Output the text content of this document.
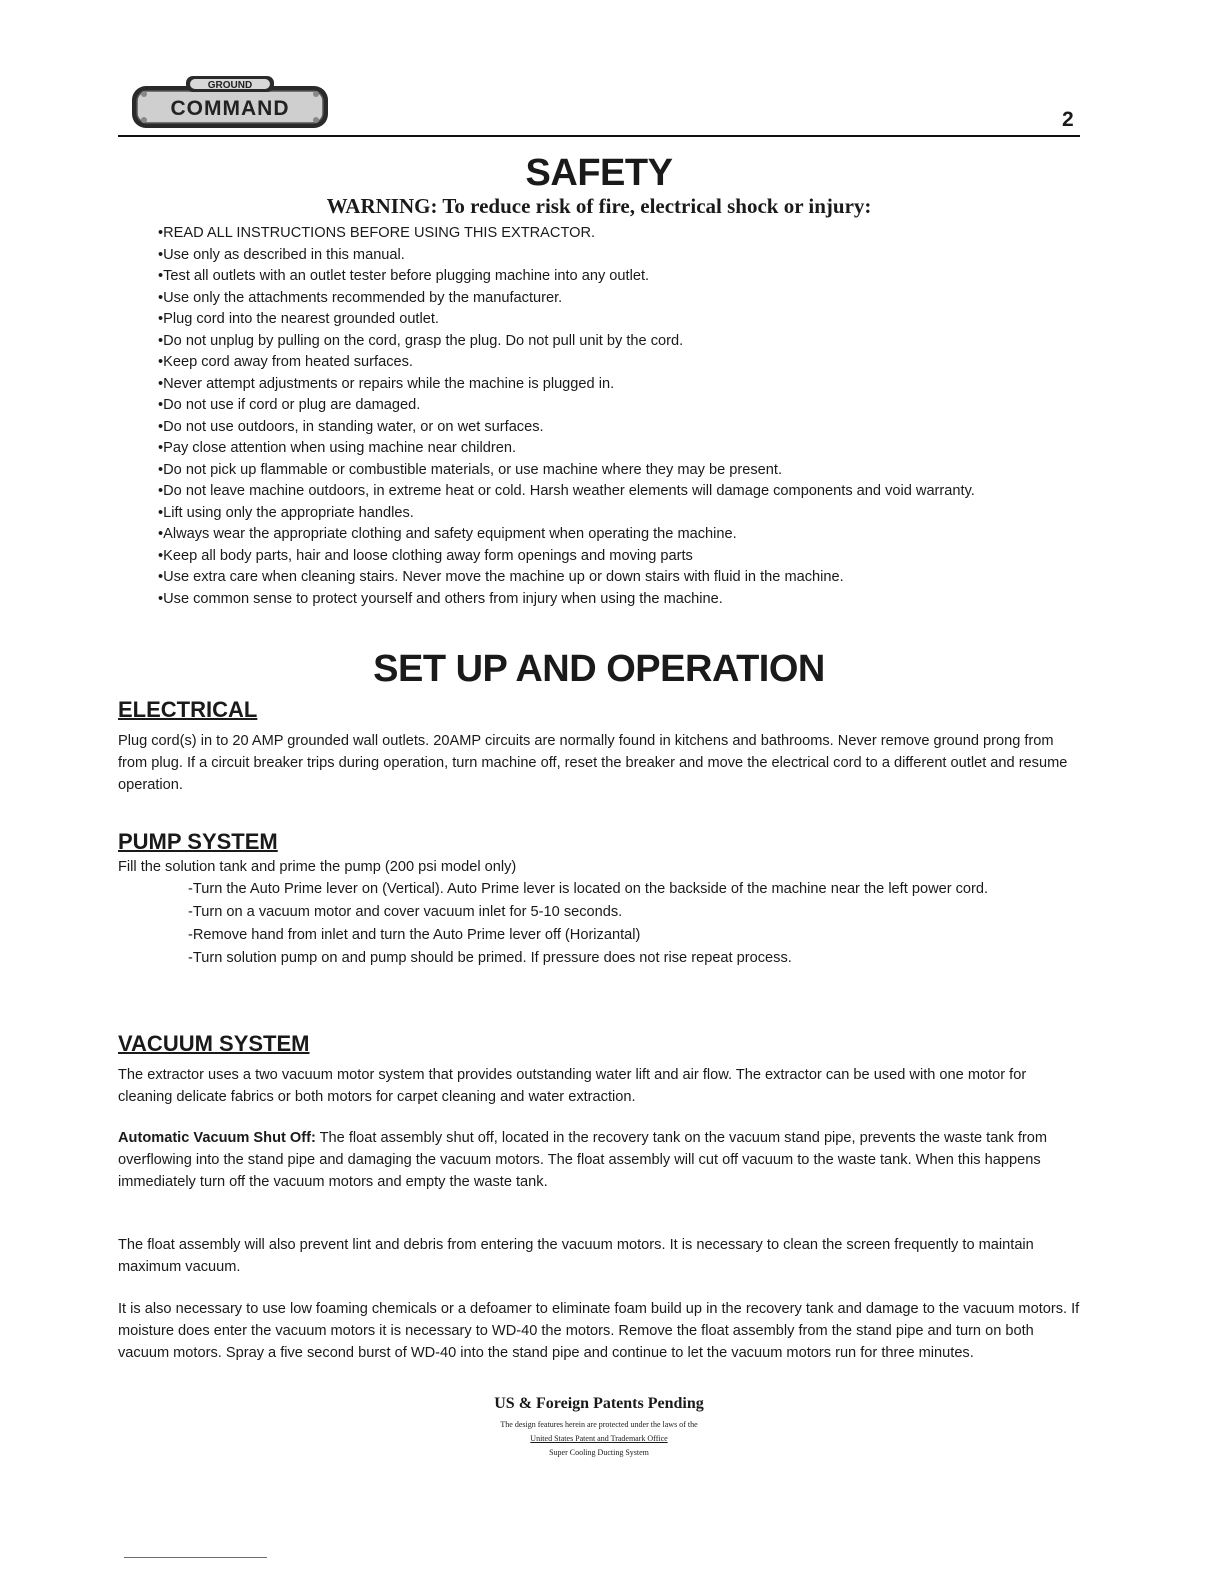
GROUND
COMMAND	2
SAFETY

WARNING: To reduce risk of fire, electrical shock or injury:

•READ ALL INSTRUCTIONS BEFORE USING THIS EXTRACTOR.
•Use only as described in this manual.
•Test all outlets with an outlet tester before plugging machine into any outlet.
•Use only the attachments recommended by the manufacturer.
•Plug cord into the nearest grounded outlet.
•Do not unplug by pulling on the cord, grasp the plug. Do not pull unit by the cord.
•Keep cord away from heated surfaces.
•Never attempt adjustments or repairs while the machine is plugged in.
•Do not use if cord or plug are damaged.
•Do not use outdoors, in standing water, or on wet surfaces.
•Pay close attention when using machine near children.
•Do not pick up flammable or combustible materials, or use machine where they may be present.
•Do not leave machine outdoors, in extreme heat or cold. Harsh weather elements will damage components and void warranty.
•Lift using only the appropriate handles.
•Always wear the appropriate clothing and safety equipment when operating the machine.
•Keep all body parts, hair and loose clothing away form openings and moving parts
•Use extra care when cleaning stairs. Never move the machine up or down stairs with fluid in the machine.
•Use common sense to protect yourself and others from injury when using the machine.
SET UP AND OPERATION
ELECTRICAL

Plug cord(s) in to 20 AMP grounded wall outlets. 20AMP circuits are normally found in kitchens and bathrooms. Never remove ground prong from from plug. If a circuit breaker trips during operation, turn machine off, reset the breaker and move the electrical cord to a different outlet and resume operation.

PUMP SYSTEM

Fill the solution tank and prime the pump (200 psi model only)

-Turn the Auto Prime lever on (Vertical). Auto Prime lever is located on the backside of the machine near the left power cord.
-Turn on a vacuum motor and cover vacuum inlet for 5-10 seconds.
-Remove hand from inlet and turn the Auto Prime lever off (Horizantal)
-Turn solution pump on and pump should be primed. If pressure does not rise repeat process.
VACUUM SYSTEM

The extractor uses a two vacuum motor system that provides outstanding water lift and air flow. The extractor can be used with one motor for cleaning delicate fabrics or both motors for carpet cleaning and water extraction.

Automatic Vacuum Shut Off: The float assembly shut off, located in the recovery tank on the vacuum stand pipe, prevents the waste tank from overflowing into the stand pipe and damaging the vacuum motors. The float assembly will cut off vacuum to the waste tank. When this happens immediately turn off the vacuum motors and empty the waste tank.

The float assembly will also prevent lint and debris from entering the vacuum motors. It is necessary to clean the screen frequently to maintain maximum vacuum.

It is also necessary to use low foaming chemicals or a defoamer to eliminate foam build up in the recovery tank and damage to the vacuum motors. If moisture does enter the vacuum motors it is necessary to WD-40 the motors. Remove the float assembly from the stand pipe and turn on both vacuum motors. Spray a five second burst of WD-40 into the stand pipe and continue to let the vacuum motors run for three minutes.

US & Foreign Patents Pending

The design features herein are protected under the laws of the

United States Patent and Trademark Office

Super Cooling Ducting System
